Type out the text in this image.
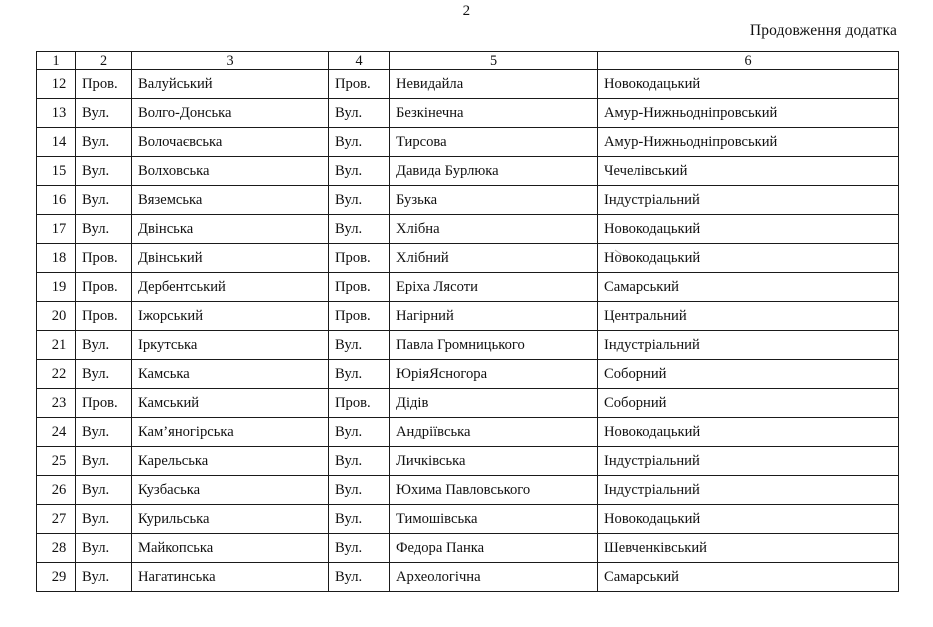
2
Продовження додатка
1	2	3	4	5	6
12	Пров.	Валуйський	Пров.	Невидайла	Новокодацький
13	Вул.	Волго-Донська	Вул.	Безкінечна	Амур-Нижньодніпровський
14	Вул.	Волочаєвська	Вул.	Тирсова	Амур-Нижньодніпровський
15	Вул.	Волховська	Вул.	Давида Бурлюка	Чечелівський
16	Вул.	Вяземська	Вул.	Бузька	Індустріальний
17	Вул.	Двінська	Вул.	Хлібна	Новокодацький
18	Пров.	Двінський	Пров.	Хлібний	Новокодацький
19	Пров.	Дербентський	Пров.	Еріха Лясоти	Самарський
20	Пров.	Іжорський	Пров.	Нагірний	Центральний
21	Вул.	Іркутська	Вул.	Павла Громницького	Індустріальний
22	Вул.	Камська	Вул.	ЮріяЯсногора	Соборний
23	Пров.	Камський	Пров.	Дідів	Соборний
24	Вул.	Кам’яногірська	Вул.	Андріївська	Новокодацький
25	Вул.	Карельська	Вул.	Личківська	Індустріальний
26	Вул.	Кузбаська	Вул.	Юхима Павловського	Індустріальний
27	Вул.	Курильська	Вул.	Тимошівська	Новокодацький
28	Вул.	Майкопська	Вул.	Федора Панка	Шевченківський
29	Вул.	Нагатинська	Вул.	Археологічна	Самарський
